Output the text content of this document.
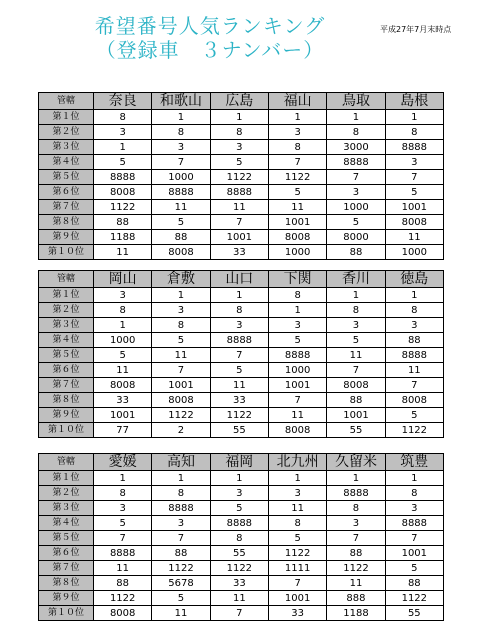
希望番号人気ランキング
（登録車　３ナンバー）
平成27年7月末時点
管轄	奈良	和歌山	広島	福山	鳥取	島根
第１位	8	1	1	1	1	1
第２位	3	8	8	3	8	8
第３位	1	3	3	8	3000	8888
第４位	5	7	5	7	8888	3
第５位	8888	1000	1122	1122	7	7
第６位	8008	8888	8888	5	3	5
第７位	1122	11	11	11	1000	1001
第８位	88	5	7	1001	5	8008
第９位	1188	88	1001	8008	8000	11
第１０位	11	8008	33	1000	88	1000
管轄	岡山	倉敷	山口	下関	香川	徳島
第１位	3	1	1	8	1	1
第２位	8	3	8	1	8	8
第３位	1	8	3	3	3	3
第４位	1000	5	8888	5	5	88
第５位	5	11	7	8888	11	8888
第６位	11	7	5	1000	7	11
第７位	8008	1001	11	1001	8008	7
第８位	33	8008	33	7	88	8008
第９位	1001	1122	1122	11	1001	5
第１０位	77	2	55	8008	55	1122
管轄	愛媛	高知	福岡	北九州	久留米	筑豊
第１位	1	1	1	1	1	1
第２位	8	8	3	3	8888	8
第３位	3	8888	5	11	8	3
第４位	5	3	8888	8	3	8888
第５位	7	7	8	5	7	7
第６位	8888	88	55	1122	88	1001
第７位	11	1122	1122	1111	1122	5
第８位	88	5678	33	7	11	88
第９位	1122	5	11	1001	888	1122
第１０位	8008	11	7	33	1188	55
